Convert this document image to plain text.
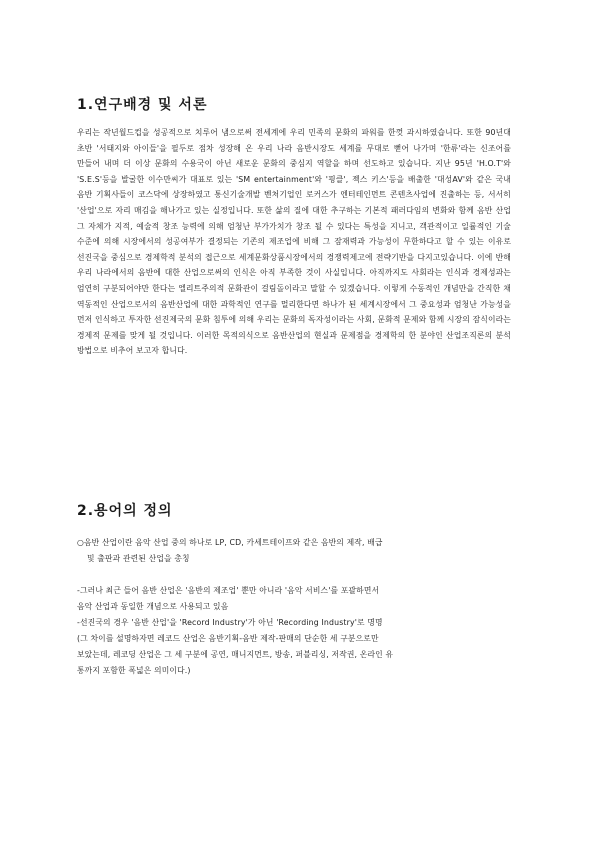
1.연구배경 및 서론

우리는 작년월드컵을 성공적으로 치루어 냄으로써 전세계에 우리 민족의 문화의 파워를 한껏 과시하였습니다. 또한 90년대 초반 '서태지와 아이들'을 필두로 점차 성장해 온 우리 나라 음반시장도 세계를 무대로 뻗어 나가며 '한류'라는 신조어를 만들어 내며 더 이상 문화의 수용국이 아닌 새로운 문화의 중심지 역할을 하며 선도하고 있습니다. 지난 95년 'H.O.T'와 'S.E.S'등을 발굴한 이수만씨가 대표로 있는 'SM entertainment'와 '핑클', 젝스 키스'등을 배출한 '대성AV'와 같은 국내 음반 기획사들이 코스닥에 상장하였고 통신기술개발 벤처기업인 로커스가 엔터테인먼트 콘텐츠사업에 진출하는 등, 서서히 '산업'으로 자리 매김을 해나가고 있는 실정입니다. 또한 삶의 질에 대한 추구하는 기본적 패러다임의 변화와 함께 음반 산업 그 자체가 지적, 예술적 창조 능력에 의해 엄청난 부가가치가 창조 될 수 있다는 특성을 지니고, 객관적이고 일률적인 기술 수준에 의해 시장에서의 성공여부가 결정되는 기존의 제조업에 비해 그 잠재력과 가능성이 무한하다고 할 수 있는 이유로 선진국을 중심으로 경제학적 분석의 접근으로 세계문화상품시장에서의 경쟁력제고에 전략기반을 다지고있습니다. 이에 반해 우리 나라에서의 음반에 대한 산업으로써의 인식은 아직 부족한 것이 사실입니다. 아직까지도 사회라는 인식과 경제성과는 엄연히 구분되어야만 한다는 엘리트주의적 문화관이 걸림돌이라고 말할 수 있겠습니다. 이렇게 수동적인 개념만을 간직한 채 역동적인 산업으로서의 음반산업에 대한 과학적인 연구를 멀리한다면 하나가 된 세계시장에서 그 중요성과 엄청난 가능성을 먼저 인식하고 투자한 선진제국의 문화 침투에 의해 우리는 문화의 독자성이라는 사회, 문화적 문제와 함께 시장의 잠식이라는 경제적 문제를 맞게 될 것입니다. 이러한 목적의식으로 음반산업의 현실과 문제점을 경제학의 한 분야인 산업조직론의 분석 방법으로 비추어 보고자 합니다.

2.용어의 정의

○음반 산업이란 음악 산업 중의 하나로 LP, CD, 카세트테이프와 같은 음반의 제작, 배급

및 출판과 관련된 산업을 총칭

-그러나 최근 들어 음반 산업은 '음반의 제조업' 뿐만 아니라 '음악 서비스'를 포괄하면서

음악 산업과 동일한 개념으로 사용되고 있음

-선진국의 경우 '음반 산업'을 'Record Industry'가 아닌 'Recording Industry'로 명명

(그 차이를 설명하자면 레코드 산업은 음반기획-음반 제작-판매의 단순한 세 구분으로만

보았는데, 레코딩 산업은 그 세 구분에 공연, 매니지먼트, 방송, 퍼블리싱, 저작권, 온라인 유

통까지 포함한 폭넓은 의미이다.)
